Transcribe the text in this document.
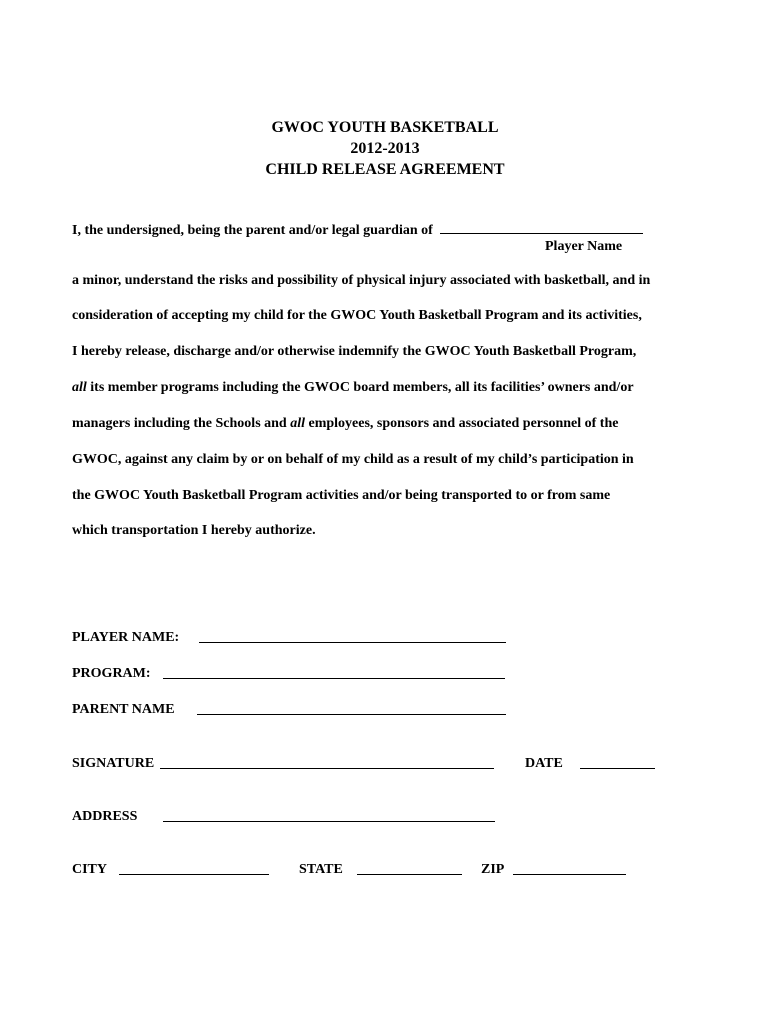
GWOC YOUTH BASKETBALL
2012-2013
CHILD RELEASE AGREEMENT
I, the undersigned, being the parent and/or legal guardian of
Player Name
a minor, understand the risks and possibility of physical injury associated with basketball, and in
consideration of accepting my child for the GWOC Youth Basketball Program and its activities,
I hereby release, discharge and/or otherwise indemnify the GWOC Youth Basketball Program,
all its member programs including the GWOC board members, all its facilities’ owners and/or
managers including the Schools and all employees, sponsors and associated personnel of the
GWOC, against any claim by or on behalf of my child as a result of my child’s participation in
the GWOC Youth Basketball Program activities and/or being transported to or from same
which transportation I hereby authorize.
PLAYER NAME:
PROGRAM:
PARENT NAME
SIGNATURE	DATE
ADDRESS
CITY	STATE	ZIP
